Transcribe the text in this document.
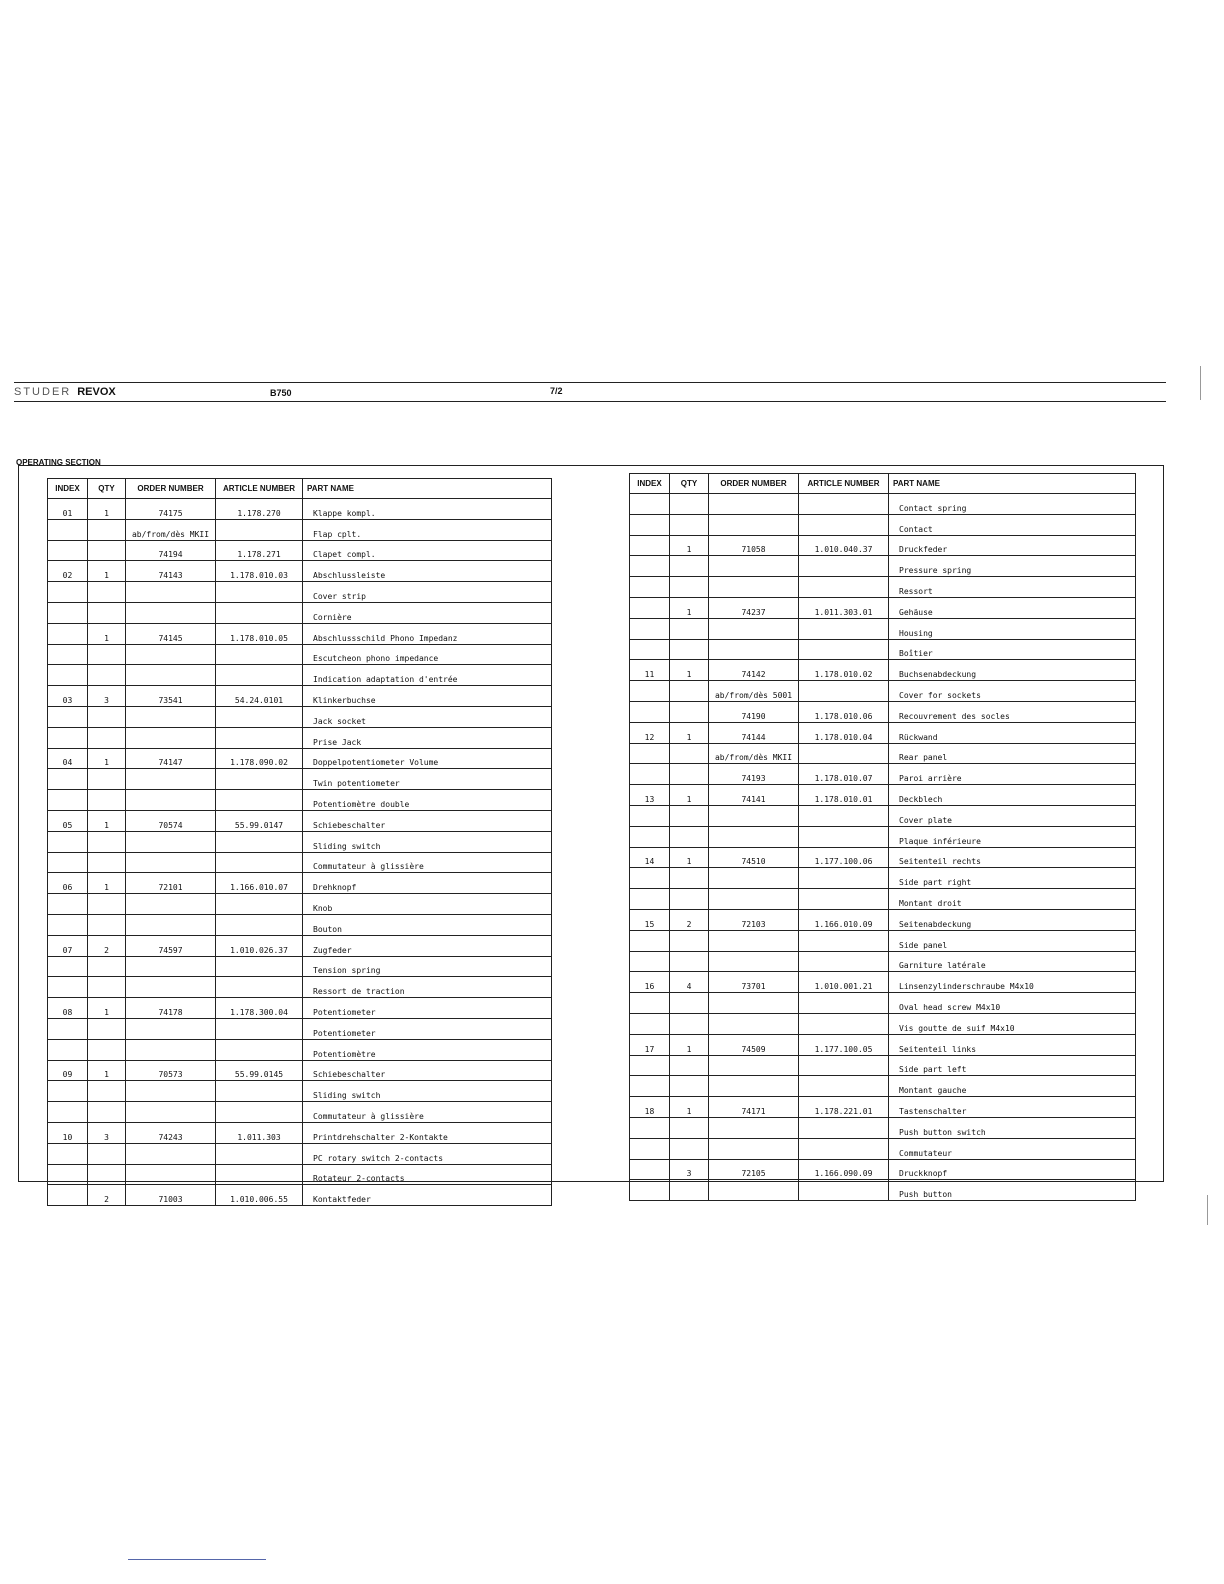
STUDER REVOX	B750	7/2
OPERATING SECTION
INDEX	QTY	ORDER NUMBER	ARTICLE NUMBER	PART NAME
01	1	74175	1.178.270	Klappe kompl.
		ab/from/dès MKII		Flap cplt.
		74194	1.178.271	Clapet compl.
02	1	74143	1.178.010.03	Abschlussleiste
				Cover strip
				Cornière
	1	74145	1.178.010.05	Abschlussschild Phono Impedanz
				Escutcheon phono impedance
				Indication adaptation d'entrée
03	3	73541	54.24.0101	Klinkerbuchse
				Jack socket
				Prise Jack
04	1	74147	1.178.090.02	Doppelpotentiometer Volume
				Twin potentiometer
				Potentiomètre double
05	1	70574	55.99.0147	Schiebeschalter
				Sliding switch
				Commutateur à glissière
06	1	72101	1.166.010.07	Drehknopf
				Knob
				Bouton
07	2	74597	1.010.026.37	Zugfeder
				Tension spring
				Ressort de traction
08	1	74178	1.178.300.04	Potentiometer
				Potentiometer
				Potentiomètre
09	1	70573	55.99.0145	Schiebeschalter
				Sliding switch
				Commutateur à glissière
10	3	74243	1.011.303	Printdrehschalter 2-Kontakte
				PC rotary switch 2-contacts
				Rotateur 2-contacts
	2	71003	1.010.006.55	Kontaktfeder
INDEX	QTY	ORDER NUMBER	ARTICLE NUMBER	PART NAME
				Contact spring
				Contact
	1	71058	1.010.040.37	Druckfeder
				Pressure spring
				Ressort
	1	74237	1.011.303.01	Gehäuse
				Housing
				Boîtier
11	1	74142	1.178.010.02	Buchsenabdeckung
		ab/from/dès 5001		Cover for sockets
		74190	1.178.010.06	Recouvrement des socles
12	1	74144	1.178.010.04	Rückwand
		ab/from/dès MKII		Rear panel
		74193	1.178.010.07	Paroi arrière
13	1	74141	1.178.010.01	Deckblech
				Cover plate
				Plaque inférieure
14	1	74510	1.177.100.06	Seitenteil rechts
				Side part right
				Montant droit
15	2	72103	1.166.010.09	Seitenabdeckung
				Side panel
				Garniture latérale
16	4	73701	1.010.001.21	Linsenzylinderschraube M4x10
				Oval head screw M4x10
				Vis goutte de suif M4x10
17	1	74509	1.177.100.05	Seitenteil links
				Side part left
				Montant gauche
18	1	74171	1.178.221.01	Tastenschalter
				Push button switch
				Commutateur
	3	72105	1.166.090.09	Druckknopf
				Push button
